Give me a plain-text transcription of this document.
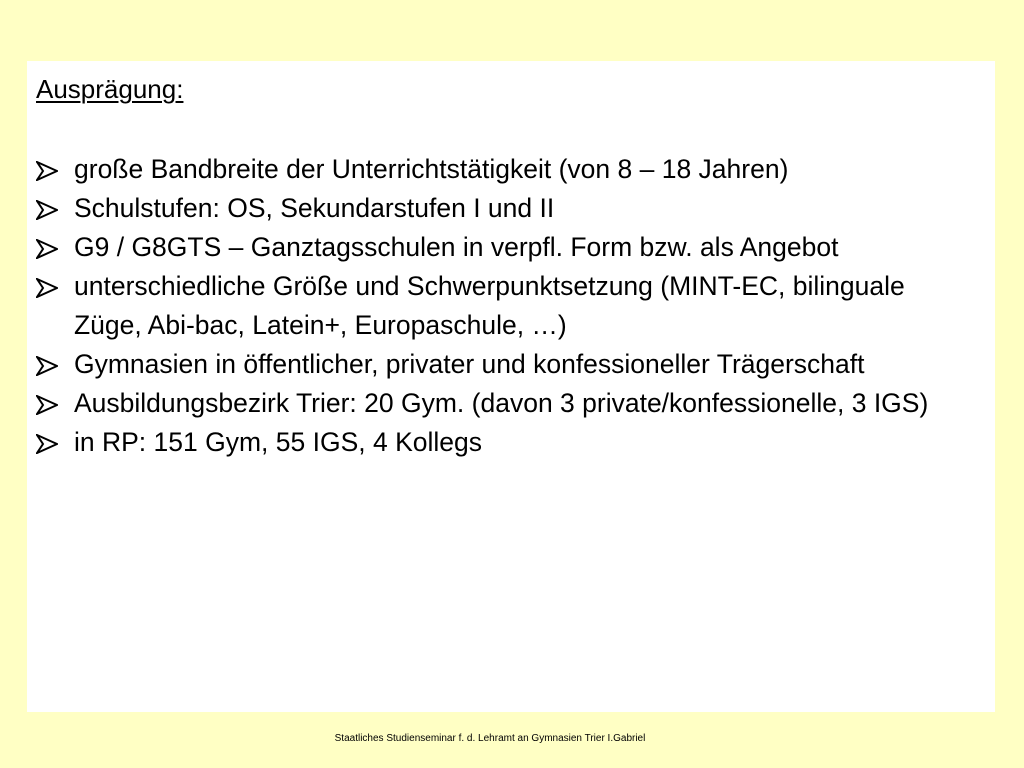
Ausprägung:
große Bandbreite der Unterrichtstätigkeit (von 8 – 18 Jahren)
Schulstufen: OS, Sekundarstufen I und II
G9 / G8GTS – Ganztagsschulen in verpfl. Form bzw. als Angebot
unterschiedliche Größe und Schwerpunktsetzung (MINT-EC, bilinguale Züge, Abi-bac, Latein+, Europaschule, …)
Gymnasien in öffentlicher, privater und konfessioneller Trägerschaft
Ausbildungsbezirk Trier: 20 Gym. (davon 3 private/konfessionelle, 3 IGS)
in RP: 151 Gym, 55 IGS, 4 Kollegs
Staatliches Studienseminar f. d. Lehramt an Gymnasien Trier I.Gabriel
